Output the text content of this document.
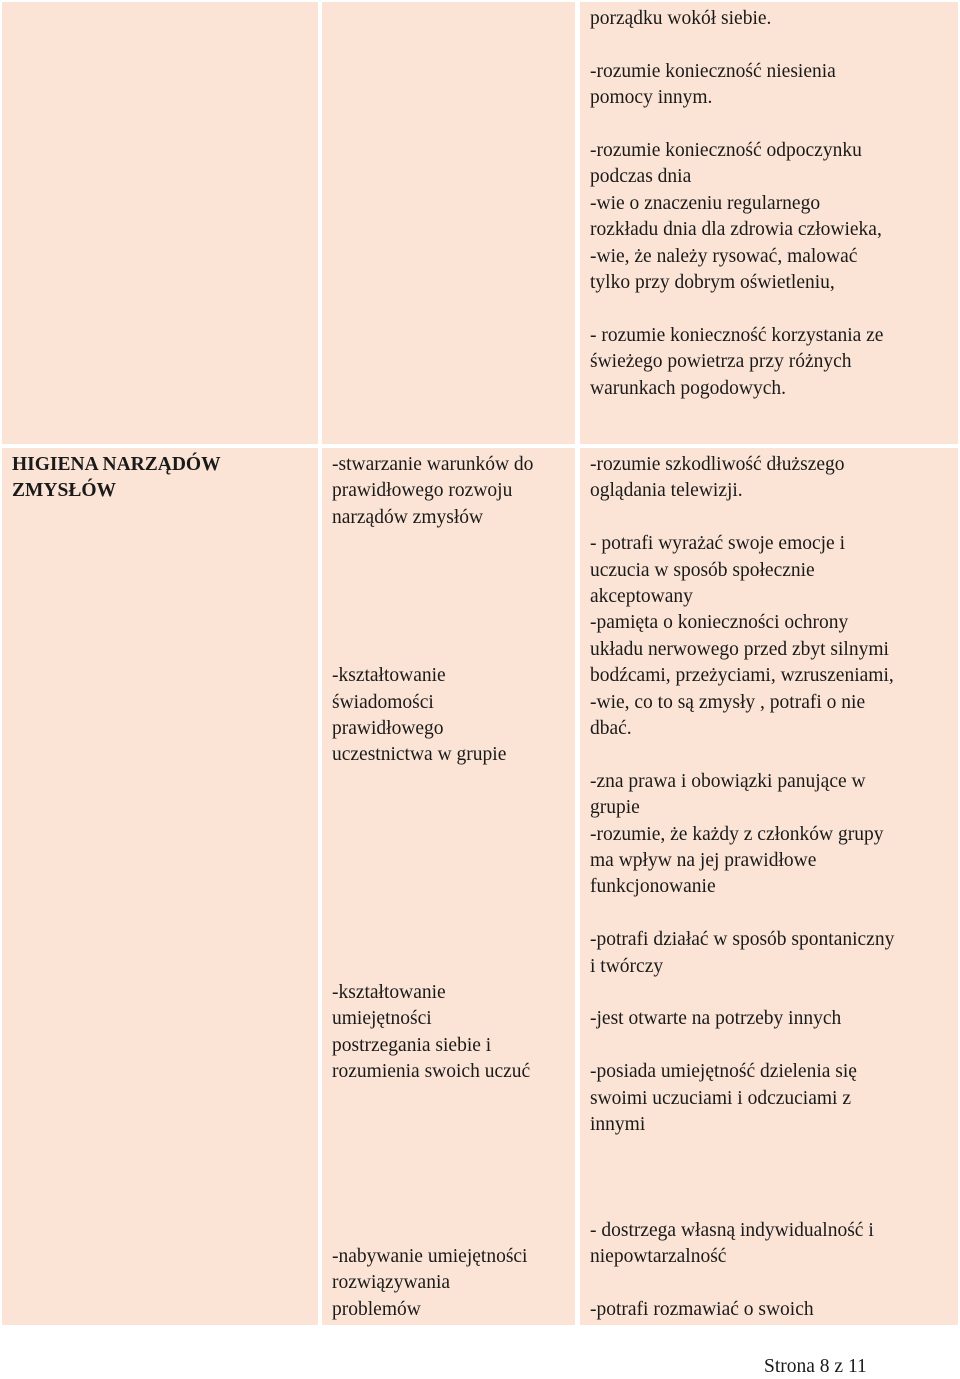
porządku wokół siebie.
-rozumie konieczność niesienia
pomocy innym.
-rozumie konieczność odpoczynku
podczas dnia
-wie o znaczeniu regularnego
rozkładu dnia dla zdrowia człowieka,
-wie, że należy rysować, malować
tylko przy dobrym oświetleniu,
- rozumie konieczność korzystania ze
świeżego powietrza przy różnych
warunkach pogodowych.
HIGIENA NARZĄDÓW
ZMYSŁÓW
-stwarzanie warunków do
prawidłowego rozwoju
narządów zmysłów
-kształtowanie
świadomości
prawidłowego
uczestnictwa w grupie
-kształtowanie
umiejętności
postrzegania siebie i
rozumienia swoich uczuć
-nabywanie umiejętności
rozwiązywania
problemów
-rozumie szkodliwość dłuższego
oglądania telewizji.
- potrafi wyrażać swoje emocje i
uczucia w sposób społecznie
akceptowany
-pamięta o konieczności ochrony
układu nerwowego przed zbyt silnymi
bodźcami, przeżyciami, wzruszeniami,
-wie, co to są zmysły , potrafi o nie
dbać.
-zna prawa i obowiązki panujące w
grupie
-rozumie, że każdy z członków grupy
ma wpływ na jej prawidłowe
funkcjonowanie
-potrafi działać w sposób spontaniczny
i twórczy
-jest otwarte na potrzeby innych
-posiada umiejętność dzielenia się
swoimi uczuciami i odczuciami z
innymi
- dostrzega własną indywidualność i
niepowtarzalność
-potrafi rozmawiać o swoich
Strona 8 z 11
